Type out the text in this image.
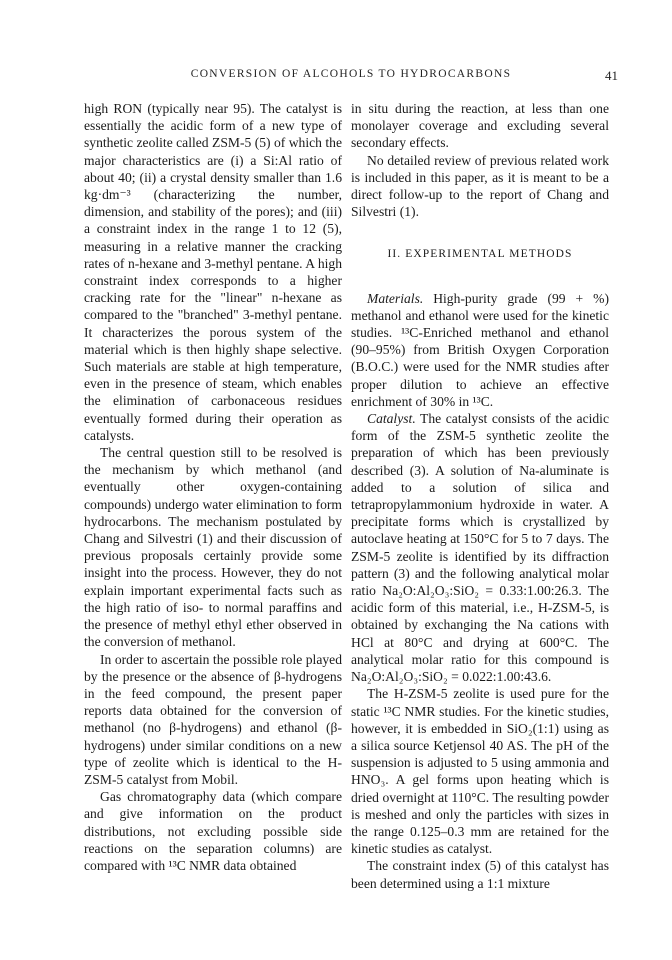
CONVERSION OF ALCOHOLS TO HYDROCARBONS	41

high RON (typically near 95). The catalyst is essentially the acidic form of a new type of synthetic zeolite called ZSM-5 (5) of which the major characteristics are (i) a Si:Al ratio of about 40; (ii) a crystal density smaller than 1.6 kg·dm⁻³ (characterizing the number, dimension, and stability of the pores); and (iii) a constraint index in the range 1 to 12 (5), measuring in a relative manner the cracking rates of n-hexane and 3-methyl pentane. A high constraint index corresponds to a higher cracking rate for the "linear" n-hexane as compared to the "branched" 3-methyl pentane. It characterizes the porous system of the material which is then highly shape selective. Such materials are stable at high temperature, even in the presence of steam, which enables the elimination of carbonaceous residues eventually formed during their operation as catalysts.

The central question still to be resolved is the mechanism by which methanol (and eventually other oxygen-containing compounds) undergo water elimination to form hydrocarbons. The mechanism postulated by Chang and Silvestri (1) and their discussion of previous proposals certainly provide some insight into the process. However, they do not explain important experimental facts such as the high ratio of iso- to normal paraffins and the presence of methyl ethyl ether observed in the conversion of methanol.

In order to ascertain the possible role played by the presence or the absence of β-hydrogens in the feed compound, the present paper reports data obtained for the conversion of methanol (no β-hydrogens) and ethanol (β-hydrogens) under similar conditions on a new type of zeolite which is identical to the H-ZSM-5 catalyst from Mobil.

Gas chromatography data (which compare and give information on the product distributions, not excluding possible side reactions on the separation columns) are compared with ¹³C NMR data obtained

in situ during the reaction, at less than one monolayer coverage and excluding several secondary effects.

No detailed review of previous related work is included in this paper, as it is meant to be a direct follow-up to the report of Chang and Silvestri (1).

II. EXPERIMENTAL METHODS

Materials. High-purity grade (99 + %) methanol and ethanol were used for the kinetic studies. ¹³C-Enriched methanol and ethanol (90–95%) from British Oxygen Corporation (B.O.C.) were used for the NMR studies after proper dilution to achieve an effective enrichment of 30% in ¹³C.

Catalyst. The catalyst consists of the acidic form of the ZSM-5 synthetic zeolite the preparation of which has been previously described (3). A solution of Na-aluminate is added to a solution of silica and tetrapropylammonium hydroxide in water. A precipitate forms which is crystallized by autoclave heating at 150°C for 5 to 7 days. The ZSM-5 zeolite is identified by its diffraction pattern (3) and the following analytical molar ratio Na₂O:Al₂O₃:SiO₂ = 0.33:1.00:26.3. The acidic form of this material, i.e., H-ZSM-5, is obtained by exchanging the Na cations with HCl at 80°C and drying at 600°C. The analytical molar ratio for this compound is Na₂O:Al₂O₃:SiO₂ = 0.022:1.00:43.6.

The H-ZSM-5 zeolite is used pure for the static ¹³C NMR studies. For the kinetic studies, however, it is embedded in SiO₂(1:1) using as a silica source Ketjensol 40 AS. The pH of the suspension is adjusted to 5 using ammonia and HNO₃. A gel forms upon heating which is dried overnight at 110°C. The resulting powder is meshed and only the particles with sizes in the range 0.125–0.3 mm are retained for the kinetic studies as catalyst.

The constraint index (5) of this catalyst has been determined using a 1:1 mixture
